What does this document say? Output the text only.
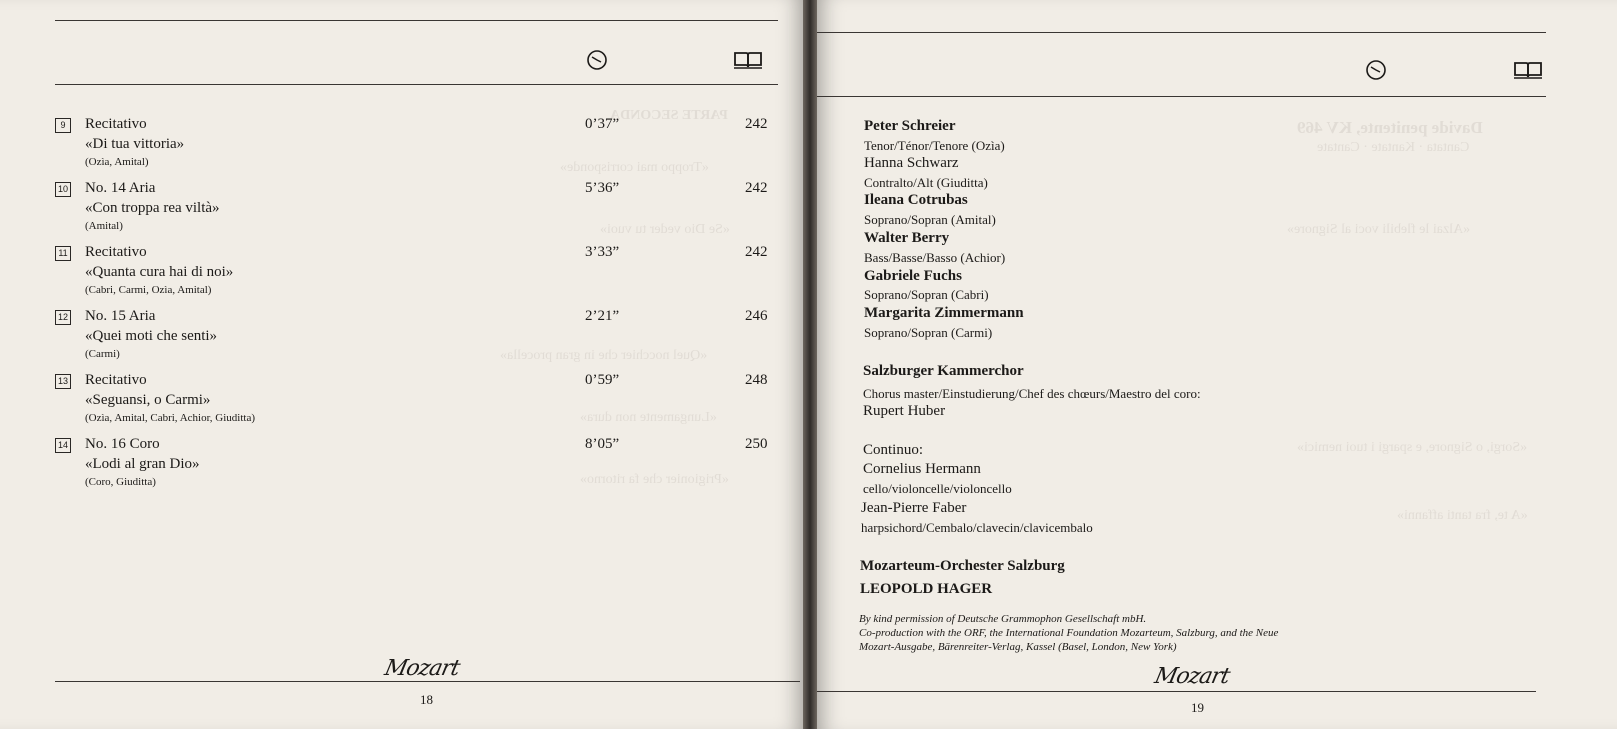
PARTE SECONDA
«Troppo mai corrisponde»
«Se Dio veder tu vuoi»
«Quel nocchier che in gran procella»
«Lungamente non dura»
«Prigionier che fa ritorno»
9	Recitativo
«Di tua vittoria»
(Ozìa, Amital)
0’37”	242
10 No. 14 Aria
«Con troppa rea viltà»
(Amital)
5’36”	242
11 Recitativo
«Quanta cura hai di noi»
(Cabri, Carmi, Ozìa, Amital)
3’33”	242
12 No. 15 Aria
«Quei moti che senti»
(Carmi)
2’21”	246
13 Recitativo
«Seguansi, o Carmi»
(Ozìa, Amital, Cabri, Achior, Giuditta)
0’59”	248
14 No. 16 Coro
«Lodi al gran Dio»
(Coro, Giuditta)
8’05”	250
Mozart
18
Davide penitente, KV 469
Cantata · Kantate · Cantate
«Alzai le flebili voci al Signore»
«Sorgi, o Signore, e spargi i tuoi nemici»
«A te, fra tanti affanni»
Peter Schreier
Tenor/Ténor/Tenore (Ozìa)
Hanna Schwarz
Contralto/Alt (Giuditta)
Ileana Cotrubas
Soprano/Sopran (Amital)
Walter Berry
Bass/Basse/Basso (Achior)
Gabriele Fuchs
Soprano/Sopran (Cabri)
Margarita Zimmermann
Soprano/Sopran (Carmi)
Salzburger Kammerchor
Chorus master/Einstudierung/Chef des chœurs/Maestro del coro:
Rupert Huber
Continuo:
Cornelius Hermann
cello/violoncelle/violoncello
Jean-Pierre Faber
harpsichord/Cembalo/clavecin/clavicembalo
Mozarteum-Orchester Salzburg
LEOPOLD HAGER
By kind permission of Deutsche Grammophon Gesellschaft mbH.
Co-production with the ORF, the International Foundation Mozarteum, Salzburg, and the Neue
Mozart-Ausgabe, Bärenreiter-Verlag, Kassel (Basel, London, New York)
Mozart
19
